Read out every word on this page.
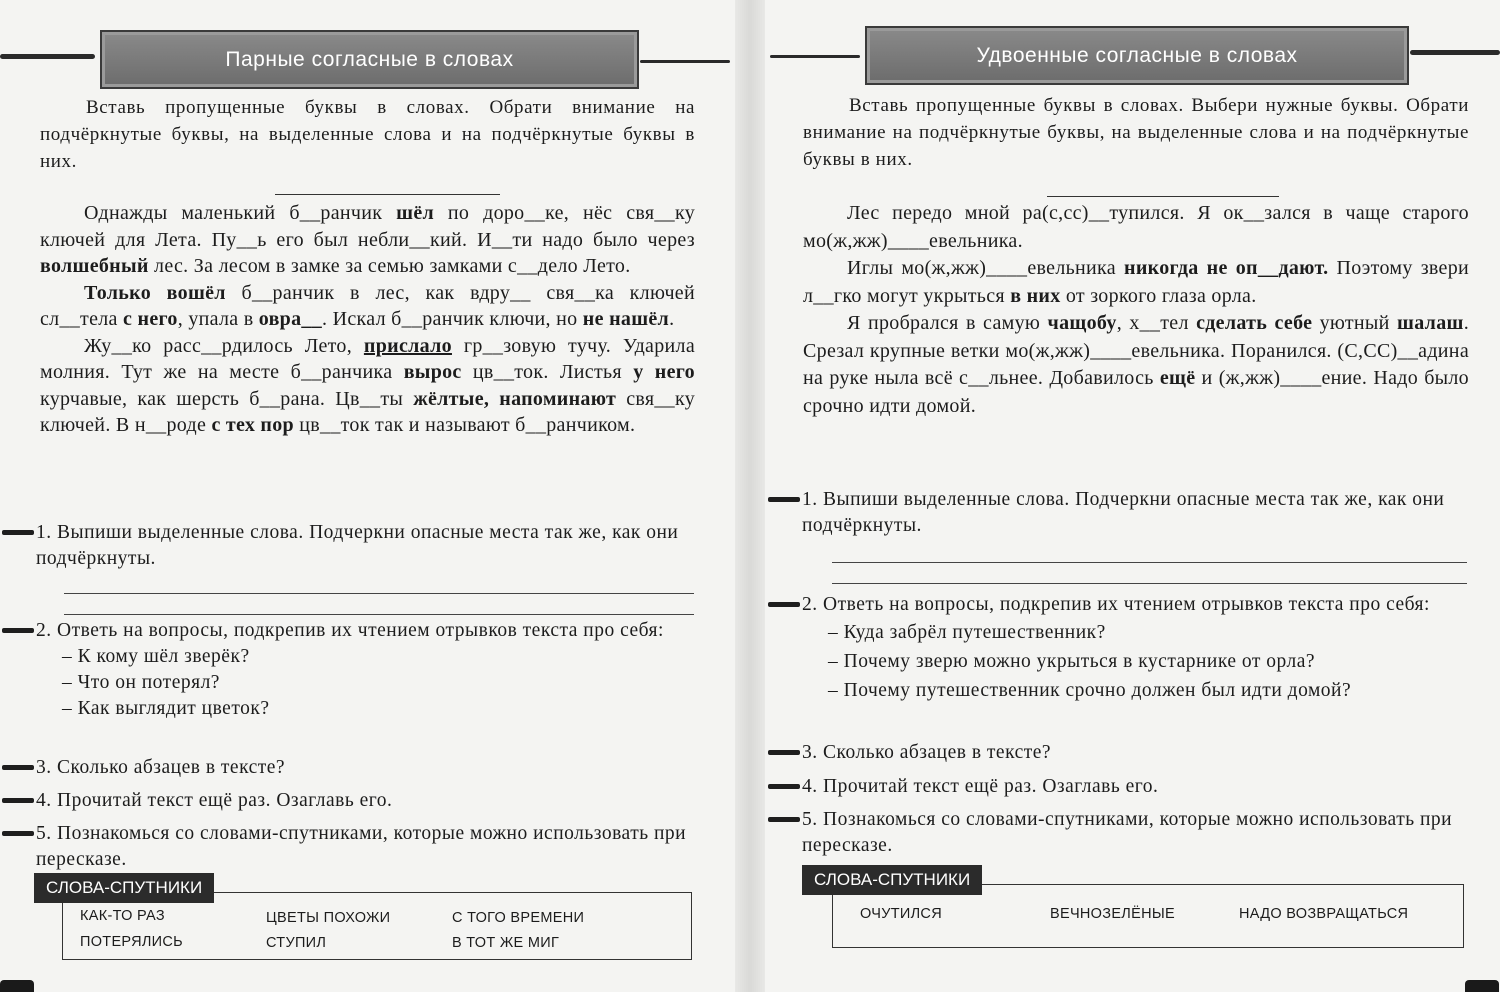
Парные согласные в словах

Вставь пропущенные буквы в словах. Обрати внимание на подчёркнутые буквы, на выделенные слова и на подчёркнутые буквы в них.

Однажды маленький б__ранчик шёл по доро__ке, нёс свя__ку ключей для Лета. Пу__ь его был небли__кий. И__ти надо было через волшебный лес. За лесом в замке за семью замками с__дело Лето.

Только вошёл б__ранчик в лес, как вдру__ свя__ка ключей сл__тела с него, упала в овра__. Искал б__ранчик ключи, но не нашёл.

Жу__ко расс__рдилось Лето, прислало гр__зовую тучу. Ударила молния. Тут же на месте б__ранчика вырос цв__ток. Листья у него курчавые, как шерсть б__рана. Цв__ты жёлтые, напоминают свя__ку ключей. В н__роде с тех пор цв__ток так и называют б__ранчиком.

1. Выпиши выделенные слова. Подчеркни опасные места так же, как они подчёркнуты.
2. Ответь на вопросы, подкрепив их чтением отрывков текста про себя:
– К кому шёл зверёк?
– Что он потерял?
– Как выглядит цветок?
3. Сколько абзацев в тексте?
4. Прочитай текст ещё раз. Озаглавь его.
5. Познакомься со словами-спутниками, которые можно использовать при пересказе.
СЛОВА-СПУТНИКИ
КАК-ТО РАЗ	ЦВЕТЫ ПОХОЖИ	С ТОГО ВРЕМЕНИ
ПОТЕРЯЛИСЬ	СТУПИЛ	В ТОТ ЖЕ МИГ
Удвоенные согласные в словах

Вставь пропущенные буквы в словах. Выбери нужные буквы. Обрати внимание на подчёркнутые буквы, на выделенные слова и на подчёркнутые буквы в них.

Лес передо мной ра(с,сс)__тупился. Я ок__зался в чаще старого мо(ж,жж)____евельника.

Иглы мо(ж,жж)____евельника никогда не оп__дают. Поэтому звери л__гко могут укрыться в них от зоркого глаза орла.

Я пробрался в самую чащобу, х__тел сделать себе уютный шалаш. Срезал крупные ветки мо(ж,жж)____евельника. Поранился. (С,СС)__адина на руке ныла всё с__льнее. Добавилось ещё и (ж,жж)____ение. Надо было срочно идти домой.

1. Выпиши выделенные слова. Подчеркни опасные места так же, как они подчёркнуты.
2. Ответь на вопросы, подкрепив их чтением отрывков текста про себя:
– Куда забрёл путешественник?
– Почему зверю можно укрыться в кустарнике от орла?
– Почему путешественник срочно должен был идти домой?
3. Сколько абзацев в тексте?
4. Прочитай текст ещё раз. Озаглавь его.
5. Познакомься со словами-спутниками, которые можно использовать при пересказе.
СЛОВА-СПУТНИКИ
ОЧУТИЛСЯ	ВЕЧНОЗЕЛЁНЫЕ	НАДО ВОЗВРАЩАТЬСЯ
